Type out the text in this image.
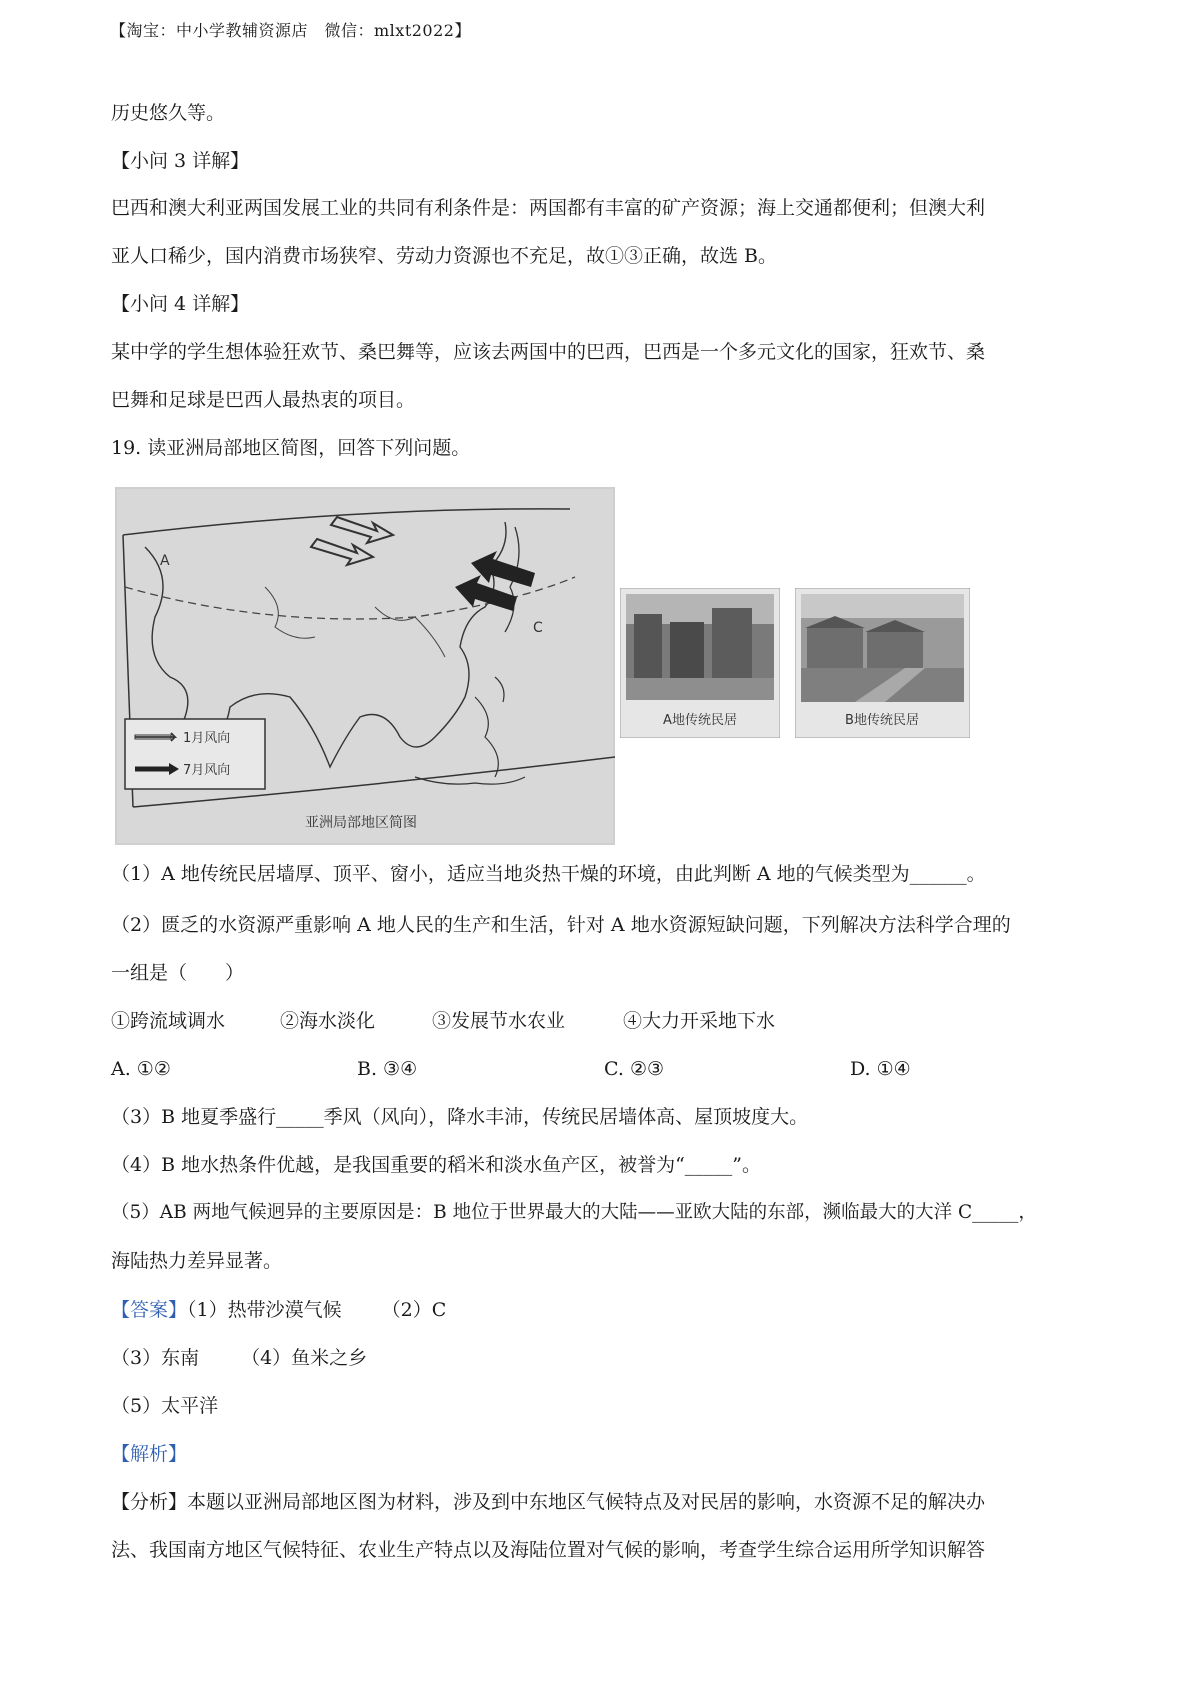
【淘宝：中小学教辅资源店　微信：mlxt2022】
历史悠久等。
【小问 3 详解】
巴西和澳大利亚两国发展工业的共同有利条件是：两国都有丰富的矿产资源；海上交通都便利；但澳大利
亚人口稀少，国内消费市场狭窄、劳动力资源也不充足，故①③正确，故选 B。
【小问 4 详解】
某中学的学生想体验狂欢节、桑巴舞等，应该去两国中的巴西，巴西是一个多元文化的国家，狂欢节、桑
巴舞和足球是巴西人最热衷的项目。
19. 读亚洲局部地区简图，回答下列问题。
A
C
1月风向
7月风向
亚洲局部地区简图
A地传统民居	B地传统民居
（1）A 地传统民居墙厚、顶平、窗小，适应当地炎热干燥的环境，由此判断 A 地的气候类型为______。
（2）匮乏的水资源严重影响 A 地人民的生产和生活，针对 A 地水资源短缺问题，下列解决方法科学合理的
一组是（　　）
①跨流域调水	②海水淡化	③发展节水农业	④大力开采地下水
A. ①②	B. ③④	C. ②③	D. ①④
（3）B 地夏季盛行_____季风（风向），降水丰沛，传统民居墙体高、屋顶坡度大。
（4）B 地水热条件优越，是我国重要的稻米和淡水鱼产区，被誉为“_____”。
（5）AB 两地气候迥异的主要原因是：B 地位于世界最大的大陆——亚欧大陆的东部，濒临最大的大洋 C_____，
海陆热力差异显著。
【答案】（1）热带沙漠气候 （2）C
（3）东南 （4）鱼米之乡
（5）太平洋
【解析】
【分析】本题以亚洲局部地区图为材料，涉及到中东地区气候特点及对民居的影响，水资源不足的解决办
法、我国南方地区气候特征、农业生产特点以及海陆位置对气候的影响，考查学生综合运用所学知识解答
